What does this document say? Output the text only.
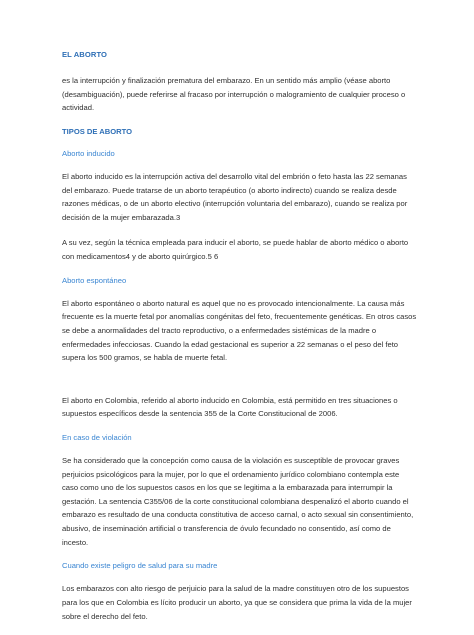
EL ABORTO

es la interrupción y finalización prematura del embarazo. En un sentido más amplio (véase aborto (desambiguación), puede referirse al fracaso por interrupción o malogramiento de cualquier proceso o actividad.

TIPOS DE ABORTO
Aborto inducido

El aborto inducido es la interrupción activa del desarrollo vital del embrión o feto hasta las 22 semanas del embarazo. Puede tratarse de un aborto terapéutico (o aborto indirecto) cuando se realiza desde razones médicas, o de un aborto electivo (interrupción voluntaria del embarazo), cuando se realiza por decisión de la mujer embarazada.3

A su vez, según la técnica empleada para inducir el aborto, se puede hablar de aborto médico o aborto con medicamentos4 y de aborto quirúrgico.5 6

Aborto espontáneo

El aborto espontáneo o aborto natural es aquel que no es provocado intencionalmente. La causa más frecuente es la muerte fetal por anomalías congénitas del feto, frecuentemente genéticas. En otros casos se debe a anormalidades del tracto reproductivo, o a enfermedades sistémicas de la madre o enfermedades infecciosas. Cuando la edad gestacional es superior a 22 semanas o el peso del feto supera los 500 gramos, se habla de muerte fetal.

El aborto en Colombia, referido al aborto inducido en Colombia, está permitido en tres situaciones o supuestos específicos desde la sentencia 355 de la Corte Constitucional de 2006.

En caso de violación

Se ha considerado que la concepción como causa de la violación es susceptible de provocar graves perjuicios psicológicos para la mujer, por lo que el ordenamiento jurídico colombiano contempla este caso como uno de los supuestos casos en los que se legitima a la embarazada para interrumpir la gestación. La sentencia C355/06 de la corte constitucional colombiana despenalizó el aborto cuando el embarazo es resultado de una conducta constitutiva de acceso carnal, o acto sexual sin consentimiento, abusivo, de inseminación artificial o transferencia de óvulo fecundado no consentido, así como de incesto.

Cuando existe peligro de salud para su madre

Los embarazos con alto riesgo de perjuicio para la salud de la madre constituyen otro de los supuestos para los que en Colombia es lícito producir un aborto, ya que se considera que prima la vida de la mujer sobre el derecho del feto.
